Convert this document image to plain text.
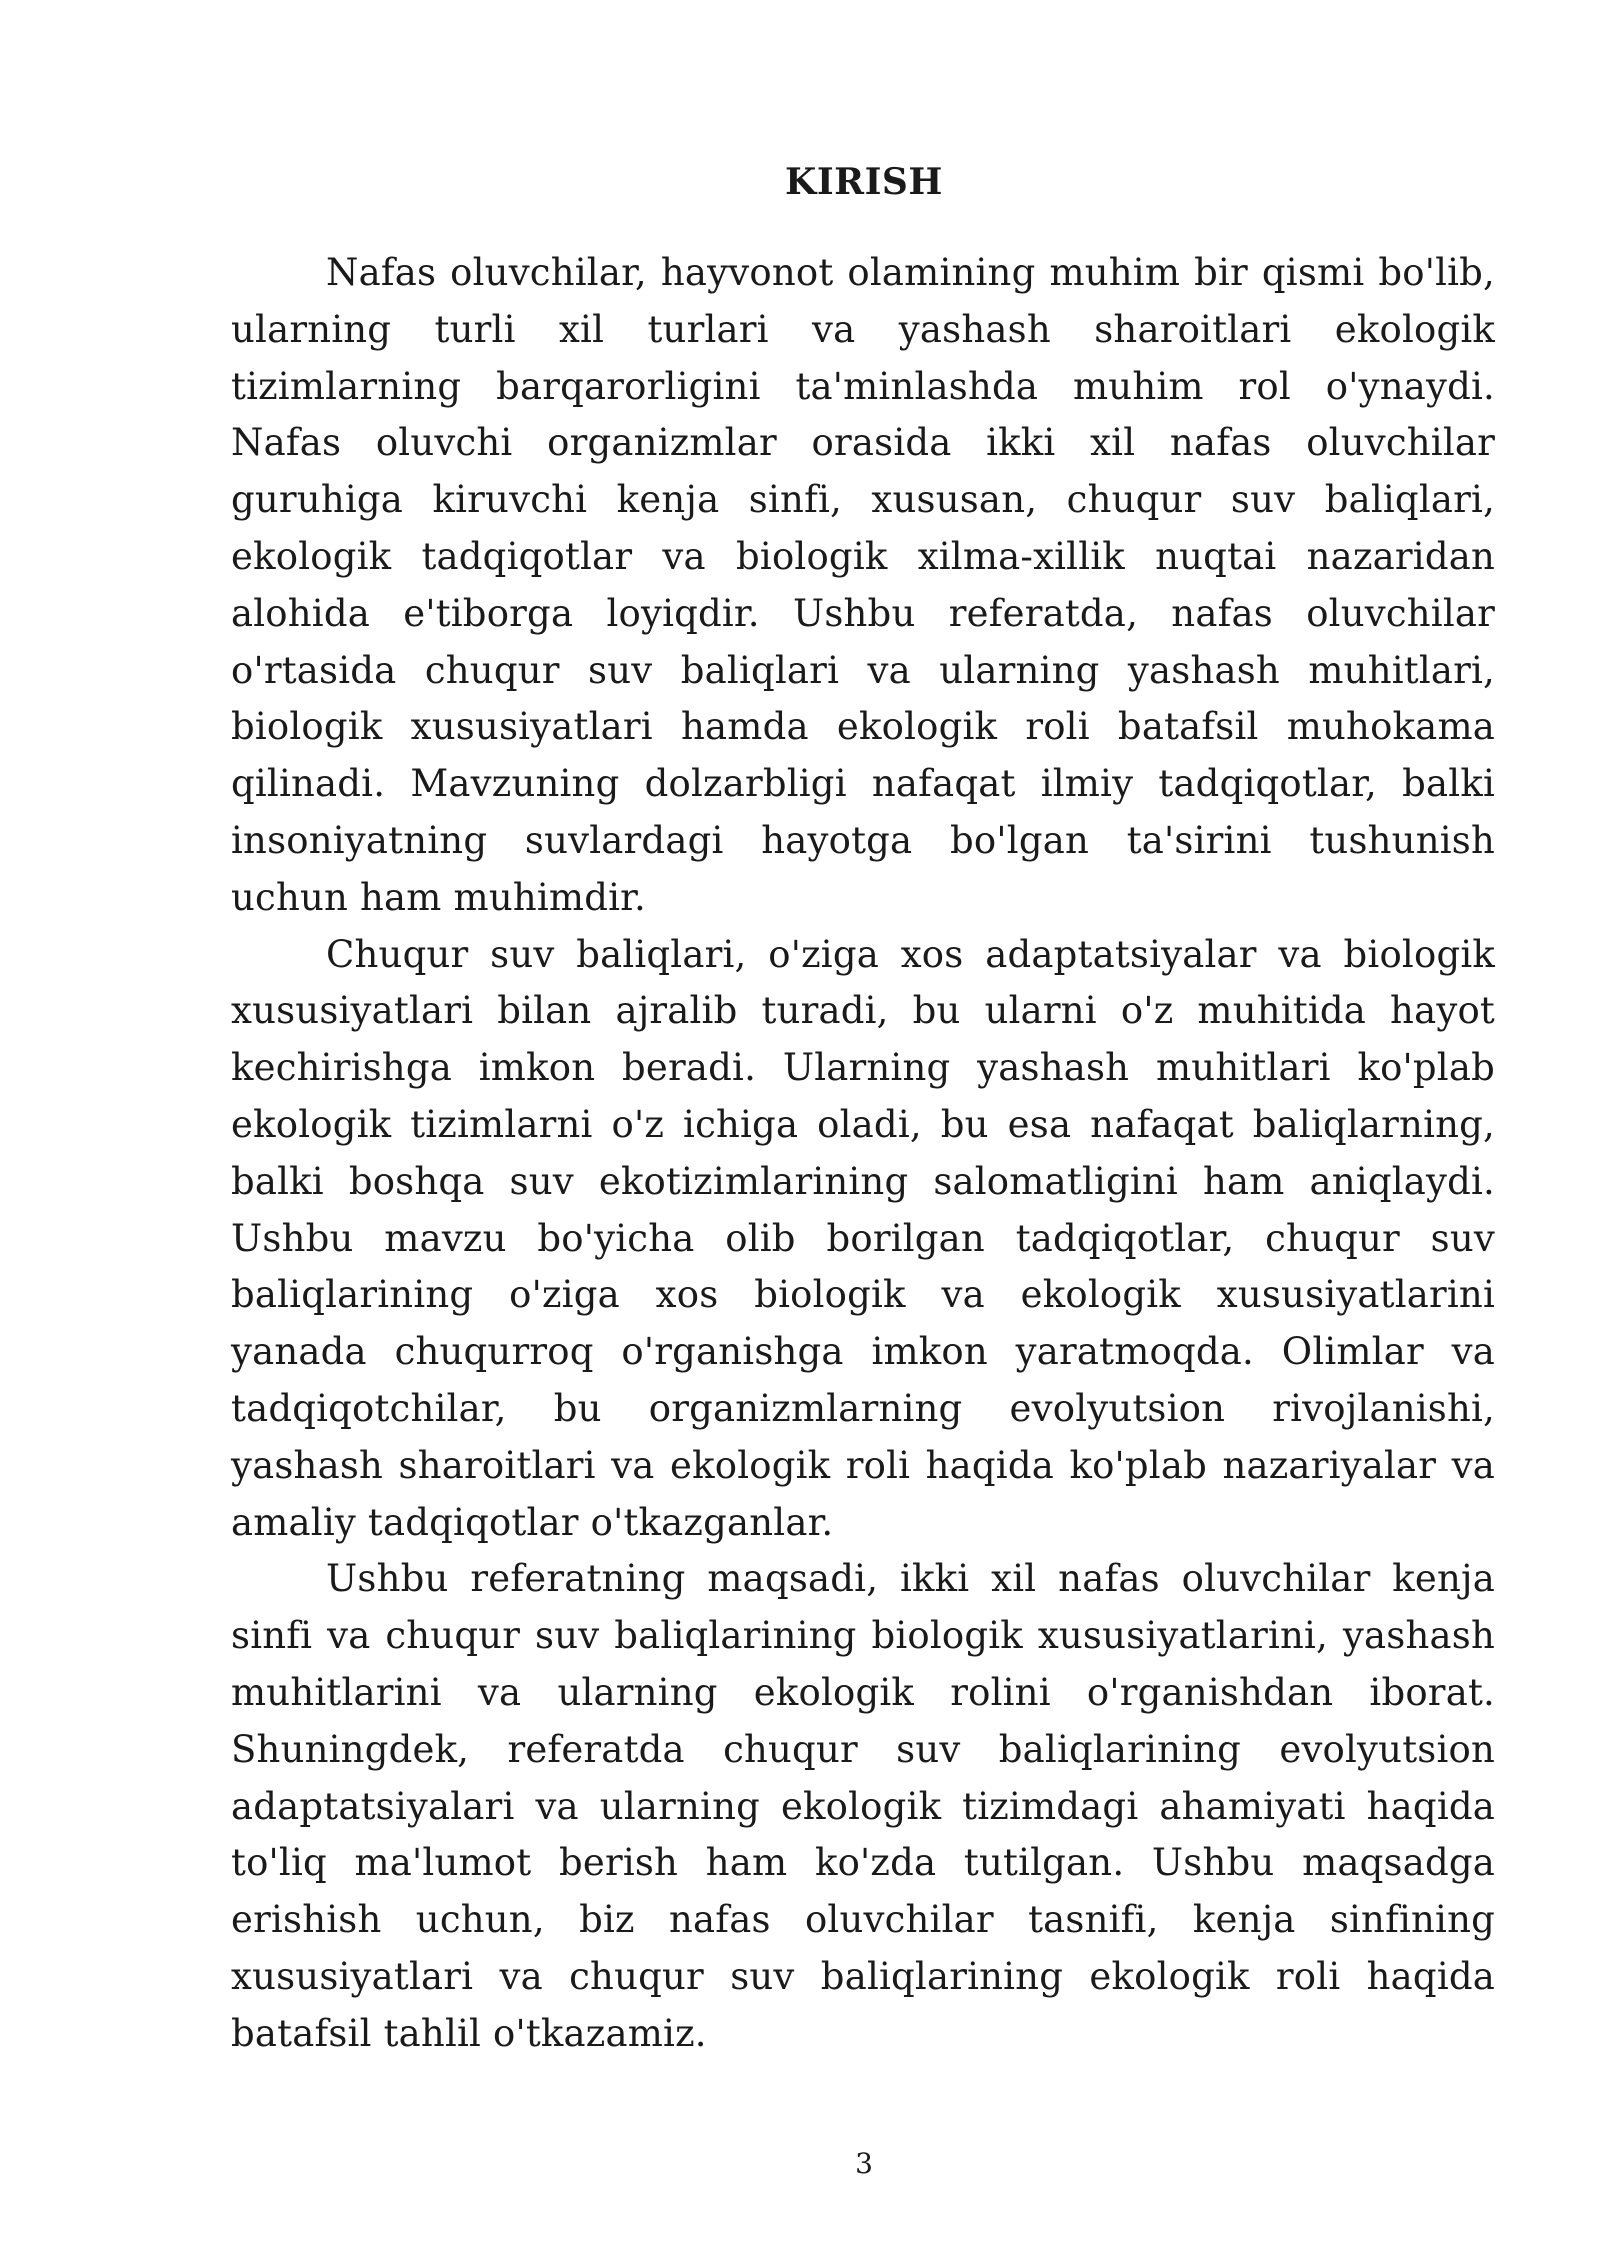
KIRISH

Nafas oluvchilar, hayvonot olamining muhim bir qismi bo'lib, ularning turli xil turlari va yashash sharoitlari ekologik tizimlarning barqarorligini ta'minlashda muhim rol o'ynaydi. Nafas oluvchi organizmlar orasida ikki xil nafas oluvchilar guruhiga kiruvchi kenja sinfi, xususan, chuqur suv baliqlari, ekologik tadqiqotlar va biologik xilma-xillik nuqtai nazaridan alohida e'tiborga loyiqdir. Ushbu referatda, nafas oluvchilar o'rtasida chuqur suv baliqlari va ularning yashash muhitlari, biologik xususiyatlari hamda ekologik roli batafsil muhokama qilinadi. Mavzuning dolzarbligi nafaqat ilmiy tadqiqotlar, balki insoniyatning suvlardagi hayotga bo'lgan ta'sirini tushunish uchun ham muhimdir.

Chuqur suv baliqlari, o'ziga xos adaptatsiyalar va biologik xususiyatlari bilan ajralib turadi, bu ularni o'z muhitida hayot kechirishga imkon beradi. Ularning yashash muhitlari ko'plab ekologik tizimlarni o'z ichiga oladi, bu esa nafaqat baliqlarning, balki boshqa suv ekotizimlarining salomatligini ham aniqlaydi. Ushbu mavzu bo'yicha olib borilgan tadqiqotlar, chuqur suv baliqlarining o'ziga xos biologik va ekologik xususiyatlarini yanada chuqurroq o'rganishga imkon yaratmoqda. Olimlar va tadqiqotchilar, bu organizmlarning evolyutsion rivojlanishi, yashash sharoitlari va ekologik roli haqida ko'plab nazariyalar va amaliy tadqiqotlar o'tkazganlar.

Ushbu referatning maqsadi, ikki xil nafas oluvchilar kenja sinfi va chuqur suv baliqlarining biologik xususiyatlarini, yashash muhitlarini va ularning ekologik rolini o'rganishdan iborat. Shuningdek, referatda chuqur suv baliqlarining evolyutsion adaptatsiyalari va ularning ekologik tizimdagi ahamiyati haqida to'liq ma'lumot berish ham ko'zda tutilgan. Ushbu maqsadga erishish uchun, biz nafas oluvchilar tasnifi, kenja sinfining xususiyatlari va chuqur suv baliqlarining ekologik roli haqida batafsil tahlil o'tkazamiz.

3
